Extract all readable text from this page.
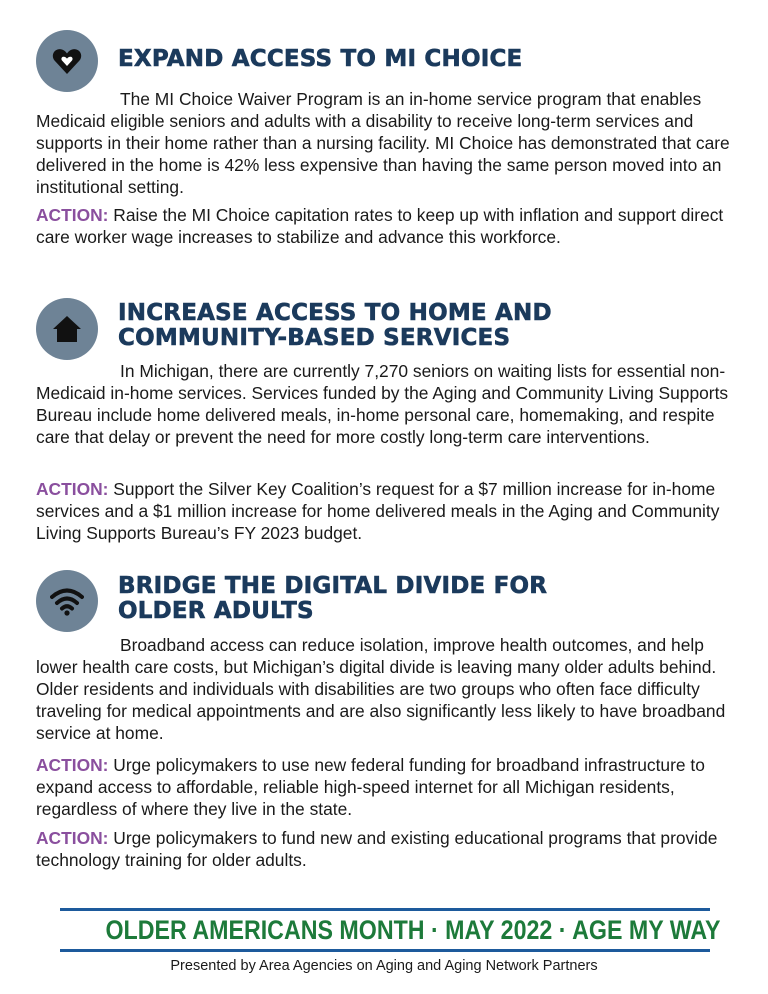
EXPAND ACCESS TO MI CHOICE

The MI Choice Waiver Program is an in-home service program that enables Medicaid eligible seniors and adults with a disability to receive long-term services and supports in their home rather than a nursing facility. MI Choice has demonstrated that care delivered in the home is 42% less expensive than having the same person moved into an institutional setting.

ACTION: Raise the MI Choice capitation rates to keep up with inflation and support direct care worker wage increases to stabilize and advance this workforce.

INCREASE ACCESS TO HOME AND
COMMUNITY-BASED SERVICES

In Michigan, there are currently 7,270 seniors on waiting lists for essential non-Medicaid in-home services. Services funded by the Aging and Community Living Supports Bureau include home delivered meals, in-home personal care, homemaking, and respite care that delay or prevent the need for more costly long-term care interventions.

ACTION: Support the Silver Key Coalition’s request for a $7 million increase for in-home services and a $1 million increase for home delivered meals in the Aging and Community Living Supports Bureau’s FY 2023 budget.

BRIDGE THE DIGITAL DIVIDE FOR
OLDER ADULTS

Broadband access can reduce isolation, improve health outcomes, and help lower health care costs, but Michigan’s digital divide is leaving many older adults behind. Older residents and individuals with disabilities are two groups who often face difficulty traveling for medical appointments and are also significantly less likely to have broadband service at home.

ACTION: Urge policymakers to use new federal funding for broadband infrastructure to expand access to affordable, reliable high-speed internet for all Michigan residents, regardless of where they live in the state.

ACTION: Urge policymakers to fund new and existing educational programs that provide technology training for older adults.

OLDER AMERICANS MONTH · MAY 2022 · AGE MY WAY
Presented by Area Agencies on Aging and Aging Network Partners
